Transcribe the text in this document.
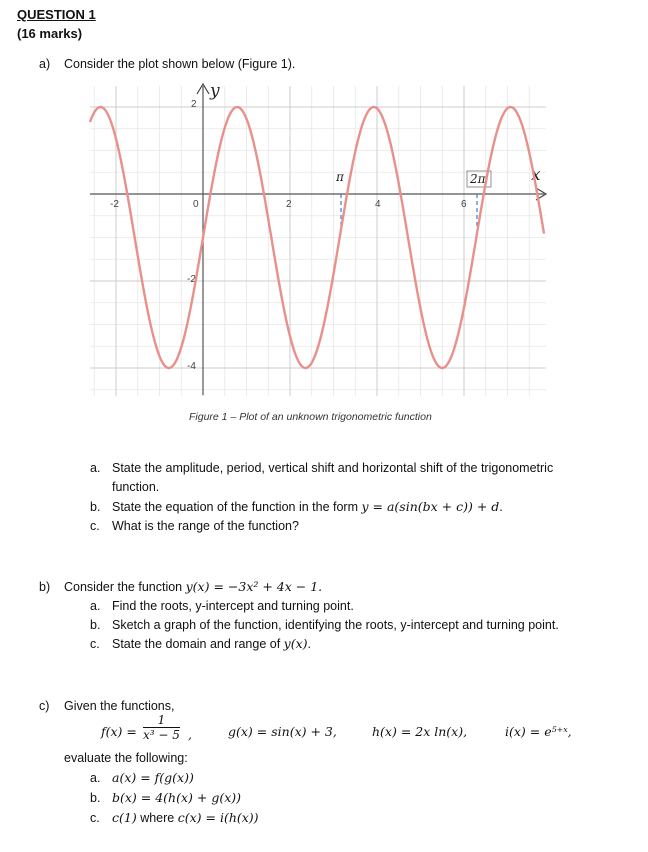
QUESTION 1
(16 marks)
a) Consider the plot shown below (Figure 1).
y
x
-2	0	2	4	6
2
-2
-4
π	2π
Figure 1 – Plot of an unknown trigonometric function
a. State the amplitude, period, vertical shift and horizontal shift of the trigonometric
function.
b. State the equation of the function in the form y = a(sin(bx + c)) + d.
c. What is the range of the function?
b) Consider the function y(x) = −3x² + 4x − 1.
a. Find the roots, y-intercept and turning point.
b. Sketch a graph of the function, identifying the roots, y-intercept and turning point.
c. State the domain and range of y(x).
c) Given the functions,
$f(x) = \frac{1}{\text{x³ − 5}}$ ,	g(x) = sin(x) + 3,	h(x) = 2x ln(x),	i(x) = e⁵⁺ˣ,
evaluate the following:
a. a(x) = f(g(x))
b. b(x) = 4(h(x) + g(x))
c. c(1) where c(x) = i(h(x))
